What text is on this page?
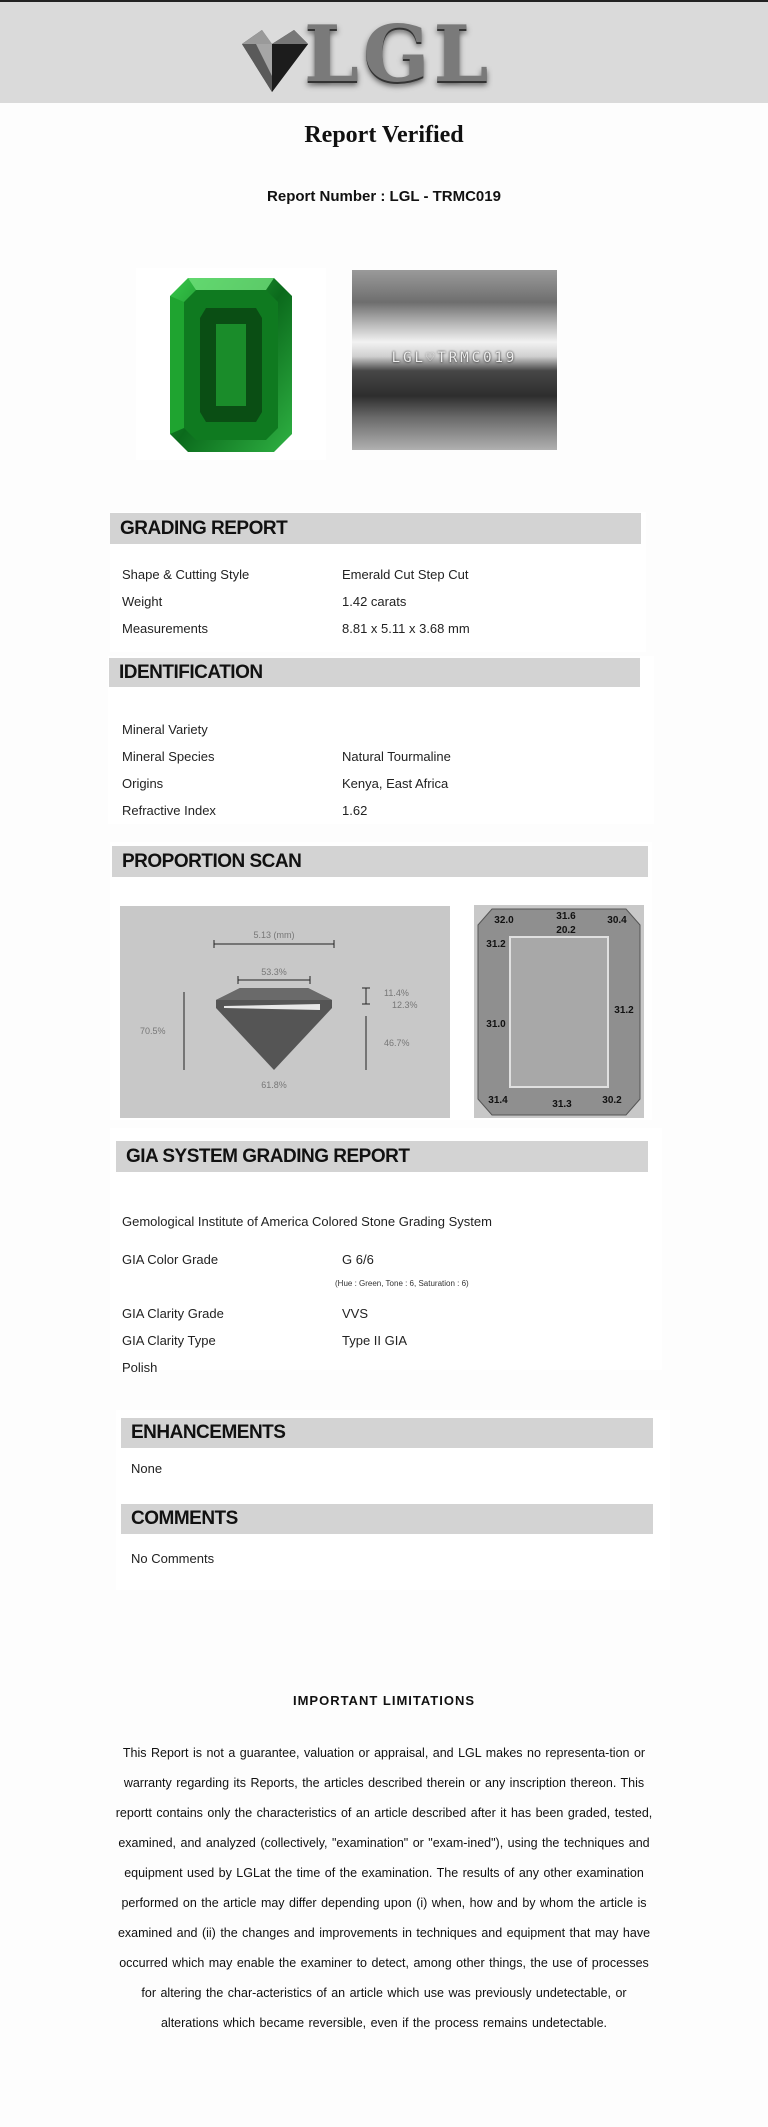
LGL
Report Verified
Report Number : LGL - TRMC019
LGL♡TRMC019
GRADING REPORT
Shape & Cutting Style	Emerald Cut Step Cut
Weight	1.42 carats
Measurements	8.81 x 5.11 x 3.68 mm
IDENTIFICATION
Mineral Variety
Mineral Species	Natural Tourmaline
Origins	Kenya, East Africa
Refractive Index	1.62
PROPORTION SCAN
5.13 (mm)
53.3%
70.5%
11.4%
12.3%
46.7%
61.8%
32.0	31.6	30.4
20.2
31.2
31.0
31.2
31.4	31.3	30.2
GIA SYSTEM GRADING REPORT
Gemological Institute of America Colored Stone Grading System
GIA Color Grade	G 6/6
(Hue : Green, Tone : 6, Saturation : 6)
GIA Clarity Grade	VVS
GIA Clarity Type	Type II GIA
Polish
ENHANCEMENTS
None
COMMENTS
No Comments
IMPORTANT LIMITATIONS
This Report is not a guarantee, valuation or appraisal, and LGL makes no representa-tion or warranty regarding its Reports, the articles described therein or any inscription thereon. This reportt contains only the characteristics of an article described after it has been graded, tested, examined, and analyzed (collectively, "examination" or "exam-ined"), using the techniques and equipment used by LGLat the time of the examination. The results of any other examination performed on the article may differ depending upon (i) when, how and by whom the article is examined and (ii) the changes and improvements in techniques and equipment that may have occurred which may enable the examiner to detect, among other things, the use of processes for altering the char-acteristics of an article which use was previously undetectable, or alterations which became reversible, even if the process remains undetectable.
